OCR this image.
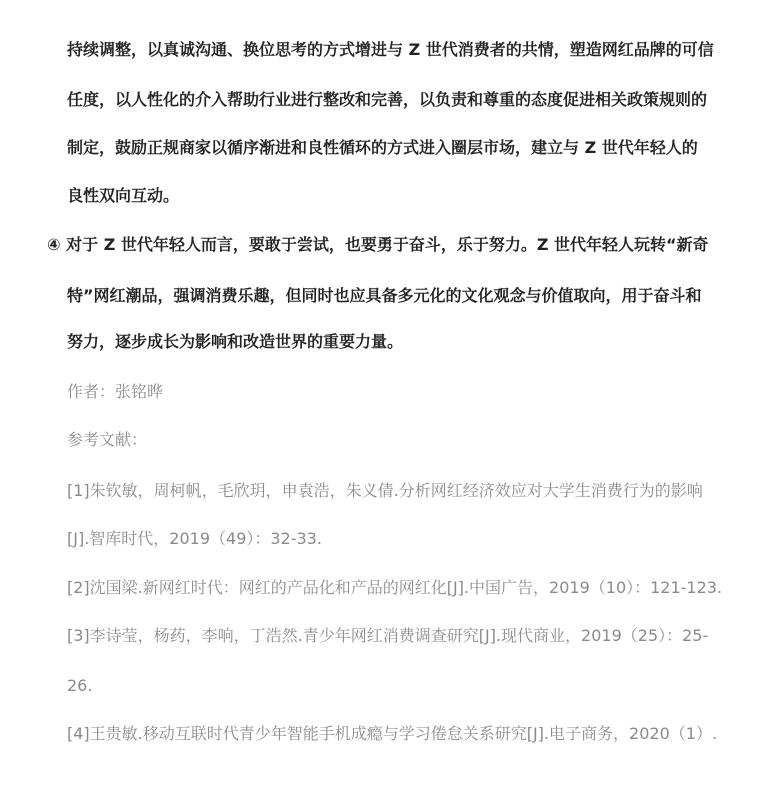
持续调整，以真诚沟通、换位思考的方式增进与 Z 世代消费者的共情，塑造网红品牌的可信
任度，以人性化的介入帮助行业进行整改和完善，以负责和尊重的态度促进相关政策规则的
制定，鼓励正规商家以循序渐进和良性循环的方式进入圈层市场，建立与 Z 世代年轻人的
良性双向互动。
④ 对于 Z 世代年轻人而言，要敢于尝试，也要勇于奋斗，乐于努力。Z 世代年轻人玩转“新奇
特”网红潮品，强调消费乐趣，但同时也应具备多元化的文化观念与价值取向，用于奋斗和
努力，逐步成长为影响和改造世界的重要力量。
作者：张铭晔
参考文献：
[1]朱钦敏，周柯帆，毛欣玥，申袁浩，朱义倩.分析网红经济效应对大学生消费行为的影响
[J].智库时代，2019（49）：32-33.
[2]沈国梁.新网红时代：网红的产品化和产品的网红化[J].中国广告，2019（10）：121-123.
[3]李诗莹，杨药，李响，丁浩然.青少年网红消费调查研究[J].现代商业，2019（25）：25-
26.
[4]王贵敏.移动互联时代青少年智能手机成瘾与学习倦怠关系研究[J].电子商务，2020（1）.
